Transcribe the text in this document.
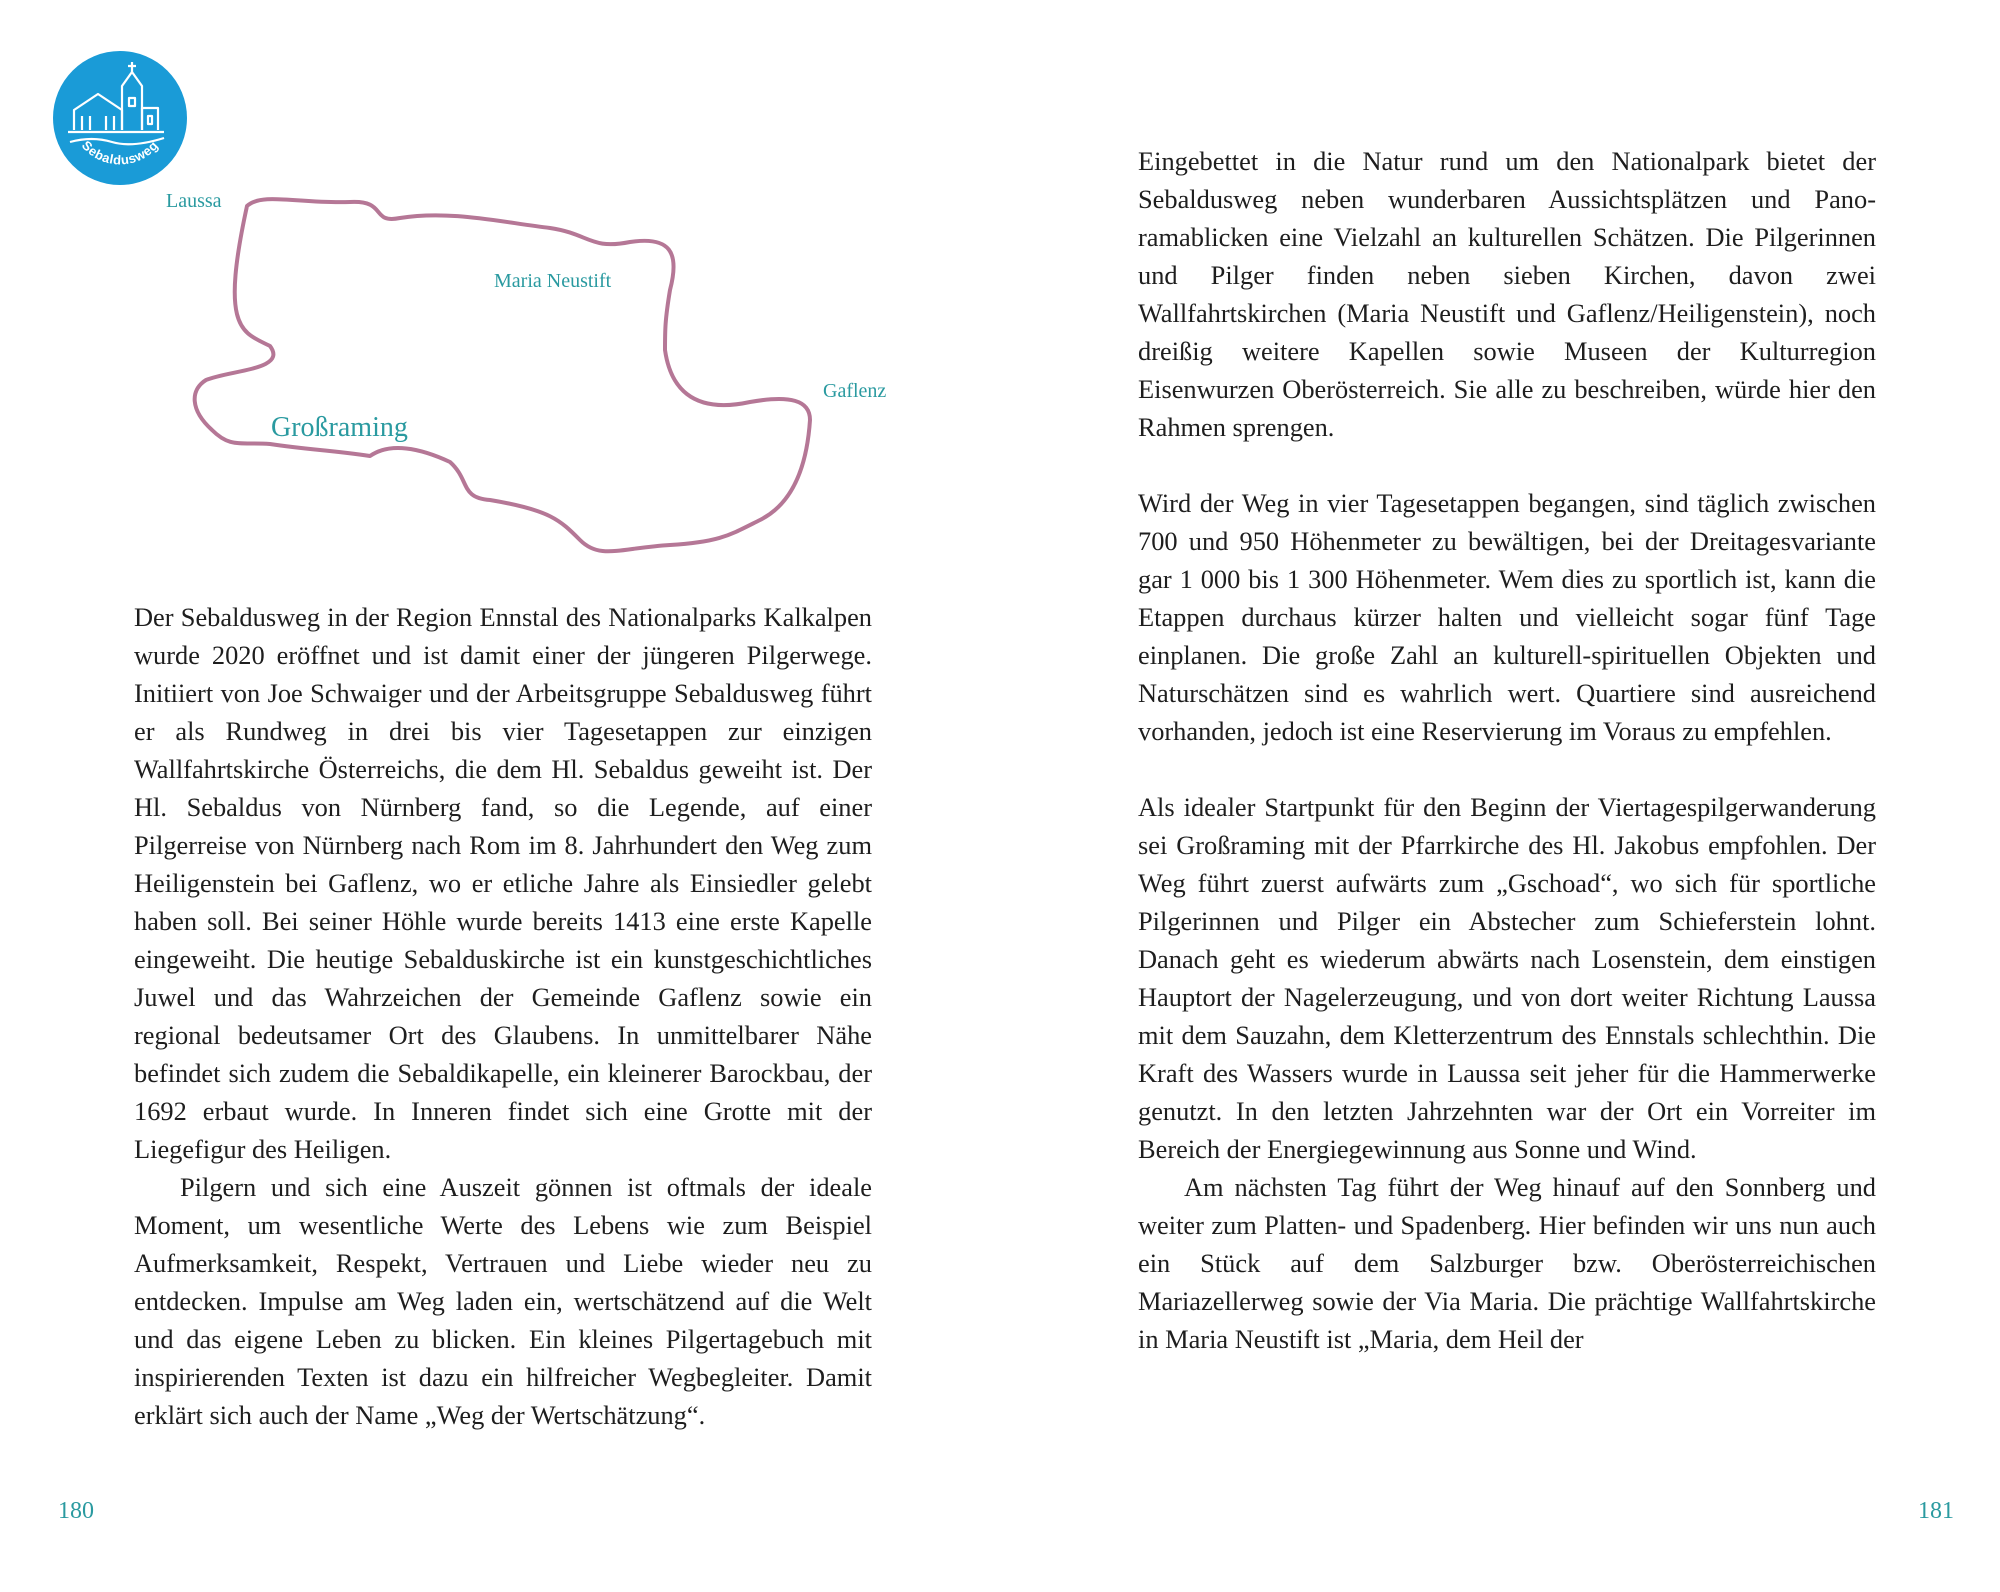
Sebaldusweg
Laussa
Maria Neustift
Gaflenz
Großraming

Der Sebaldusweg in der Region Ennstal des Nationalparks Kalkalpen wurde 2020 eröffnet und ist damit einer der jüngeren Pilgerwege. Initiiert von Joe Schwaiger und der Arbeitsgruppe Sebaldusweg führt er als Rundweg in drei bis vier Tagesetappen zur einzigen Wallfahrtskirche Österreichs, die dem Hl. Sebaldus geweiht ist. Der Hl. Sebaldus von Nürnberg fand, so die Legende, auf einer Pilgerreise von Nürnberg nach Rom im 8. Jahrhundert den Weg zum Heiligenstein bei Gaflenz, wo er etliche Jahre als Einsiedler gelebt haben soll. Bei seiner Höhle wurde bereits 1413 eine erste Kapelle eingeweiht. Die heutige Sebalduskirche ist ein kunstgeschichtliches Juwel und das Wahrzeichen der Gemeinde Gaflenz sowie ein regional bedeutsamer Ort des Glaubens. In unmittelbarer Nähe befindet sich zudem die Sebaldikapelle, ein kleinerer Barockbau, der 1692 erbaut wurde. In Inneren findet sich eine Grotte mit der Liegefigur des Heiligen.

Pilgern und sich eine Auszeit gönnen ist oftmals der ideale Moment, um wesentliche Werte des Lebens wie zum Beispiel Aufmerksamkeit, Respekt, Vertrauen und Liebe wieder neu zu entdecken. Impulse am Weg laden ein, wertschätzend auf die Welt und das eigene Leben zu blicken. Ein kleines Pilgertagebuch mit inspirierenden Texten ist dazu ein hilfreicher Wegbegleiter. Damit erklärt sich auch der Name „Weg der Wertschätzung“.

180

Eingebettet in die Natur rund um den Nationalpark bietet der Sebaldusweg neben wunderbaren Aussichtsplätzen und Panoramablicken eine Vielzahl an kulturellen Schätzen. Die Pilgerinnen und Pilger finden neben sieben Kirchen, davon zwei Wallfahrtskirchen (Maria Neustift und Gaflenz/Heiligenstein), noch dreißig weitere Kapellen sowie Museen der Kulturregion Eisenwurzen Oberösterreich. Sie alle zu beschreiben, würde hier den Rahmen sprengen.

Wird der Weg in vier Tagesetappen begangen, sind täglich zwischen 700 und 950 Höhenmeter zu bewältigen, bei der Dreitagesvariante gar 1 000 bis 1 300 Höhenmeter. Wem dies zu sportlich ist, kann die Etappen durchaus kürzer halten und vielleicht sogar fünf Tage einplanen. Die große Zahl an kulturell-spirituellen Objekten und Naturschätzen sind es wahrlich wert. Quartiere sind ausreichend vorhanden, jedoch ist eine Reservierung im Voraus zu empfehlen.

Als idealer Startpunkt für den Beginn der Viertagespilgerwanderung sei Großraming mit der Pfarrkirche des Hl. Jakobus empfohlen. Der Weg führt zuerst aufwärts zum „Gschoad“, wo sich für sportliche Pilgerinnen und Pilger ein Abstecher zum Schieferstein lohnt. Danach geht es wiederum abwärts nach Losenstein, dem einstigen Hauptort der Nagelerzeugung, und von dort weiter Richtung Laussa mit dem Sauzahn, dem Kletterzentrum des Ennstals schlechthin. Die Kraft des Wassers wurde in Laussa seit jeher für die Hammerwerke genutzt. In den letzten Jahrzehnten war der Ort ein Vorreiter im Bereich der Energiegewinnung aus Sonne und Wind.

Am nächsten Tag führt der Weg hinauf auf den Sonnberg und weiter zum Platten- und Spadenberg. Hier befinden wir uns nun auch ein Stück auf dem Salzburger bzw. Oberösterreichischen Mariazellerweg sowie der Via Maria. Die prächtige Wallfahrtskirche in Maria Neustift ist „Maria, dem Heil der

181
